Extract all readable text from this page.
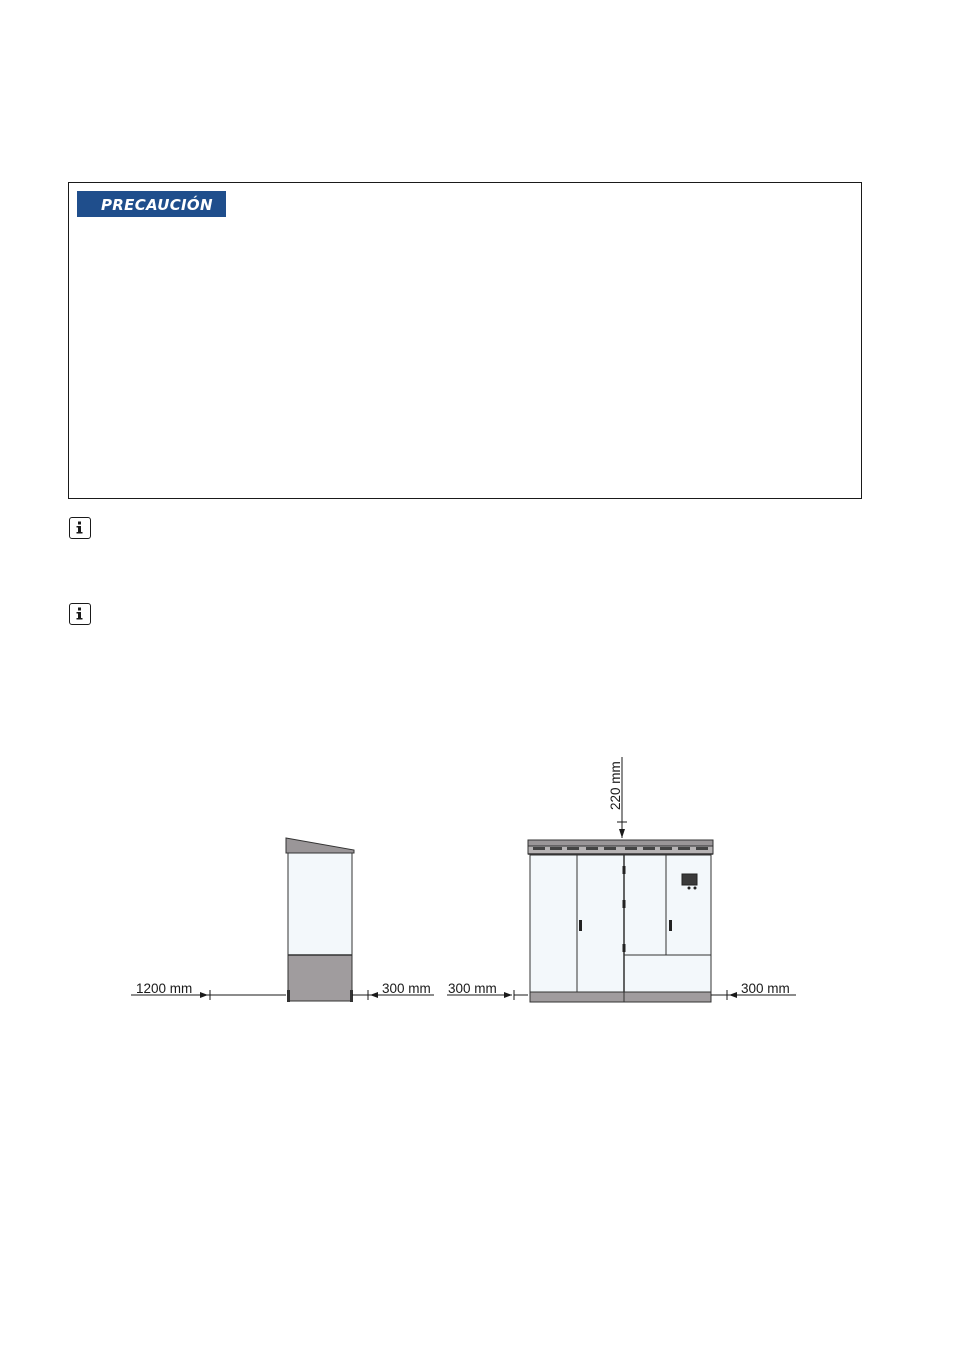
PRECAUCIÓN
1200 mm	300 mm
220 mm
300 mm	300 mm
